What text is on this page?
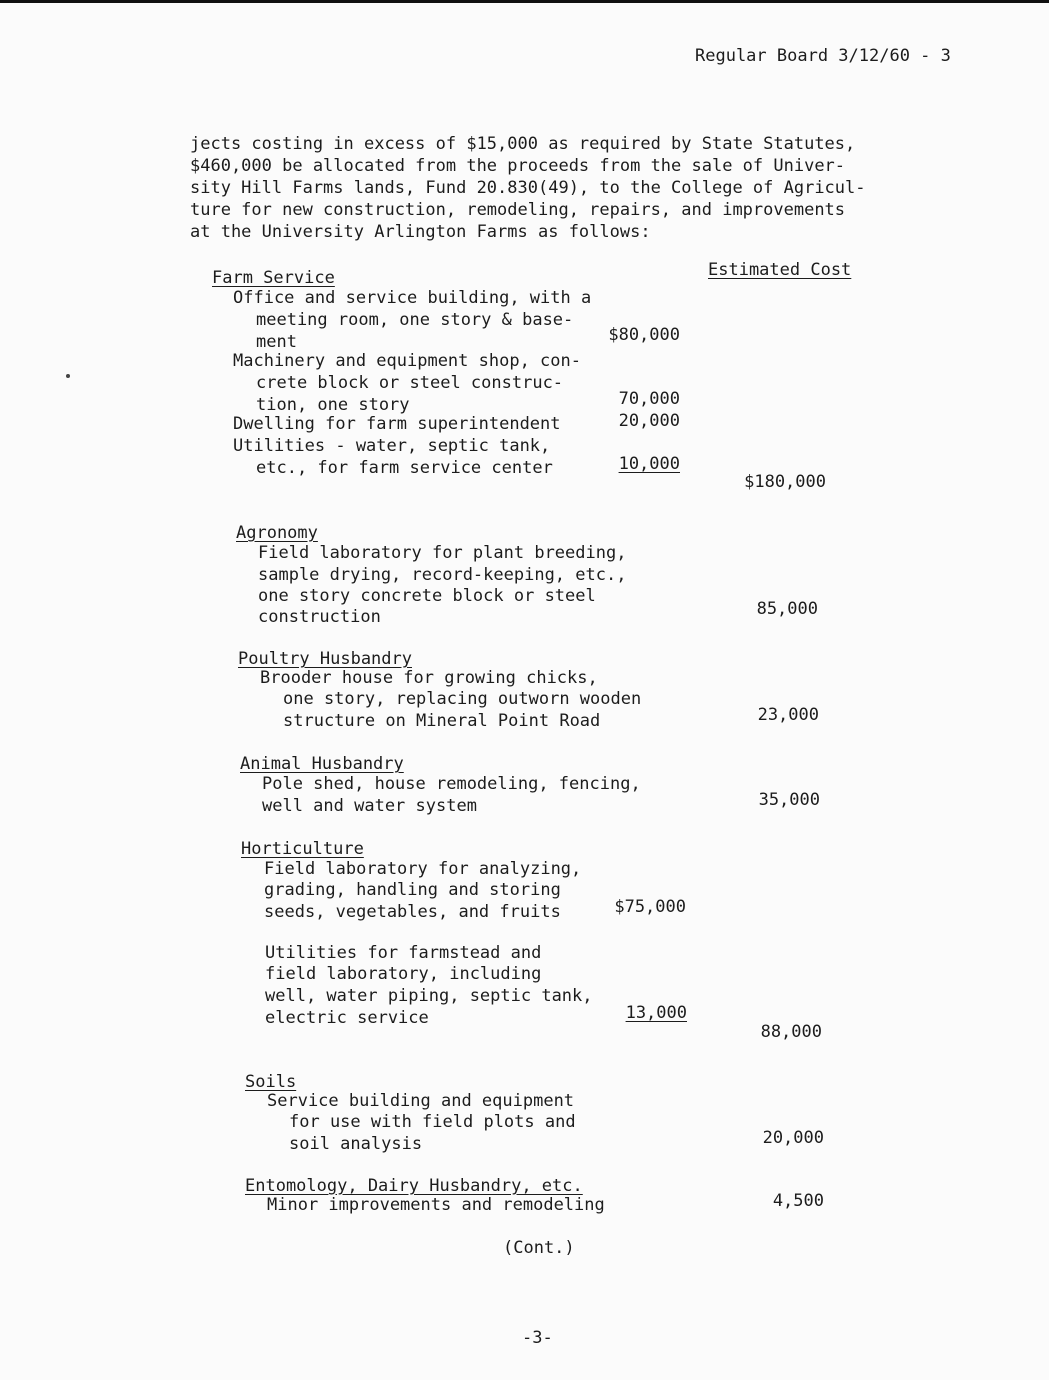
Regular Board 3/12/60 - 3

jects costing in excess of $15,000 as required by State Statutes,

$460,000 be allocated from the proceeds from the sale of Univer-

sity Hill Farms lands, Fund 20.830(49), to the College of Agricul-

ture for new construction, remodeling, repairs, and improvements

at the University Arlington Farms as follows:

Estimated Cost

Farm Service

Office and service building, with a

meeting room, one story & base-

ment	$80,000

Machinery and equipment shop, con-

crete block or steel construc-

tion, one story	70,000

Dwelling for farm superintendent	20,000

Utilities - water, septic tank,

etc., for farm service center	10,000

$180,000

Agronomy

Field laboratory for plant breeding,

sample drying, record-keeping, etc.,

one story concrete block or steel

construction	85,000

Poultry Husbandry

Brooder house for growing chicks,

one story, replacing outworn wooden

structure on Mineral Point Road	23,000

Animal Husbandry

Pole shed, house remodeling, fencing,

well and water system	35,000

Horticulture

Field laboratory for analyzing,

grading, handling and storing

seeds, vegetables, and fruits	$75,000

Utilities for farmstead and

field laboratory, including

well, water piping, septic tank,

electric service	13,000

88,000

Soils

Service building and equipment

for use with field plots and

soil analysis	20,000

Entomology, Dairy Husbandry, etc.

Minor improvements and remodeling	4,500

(Cont.)

-3-
